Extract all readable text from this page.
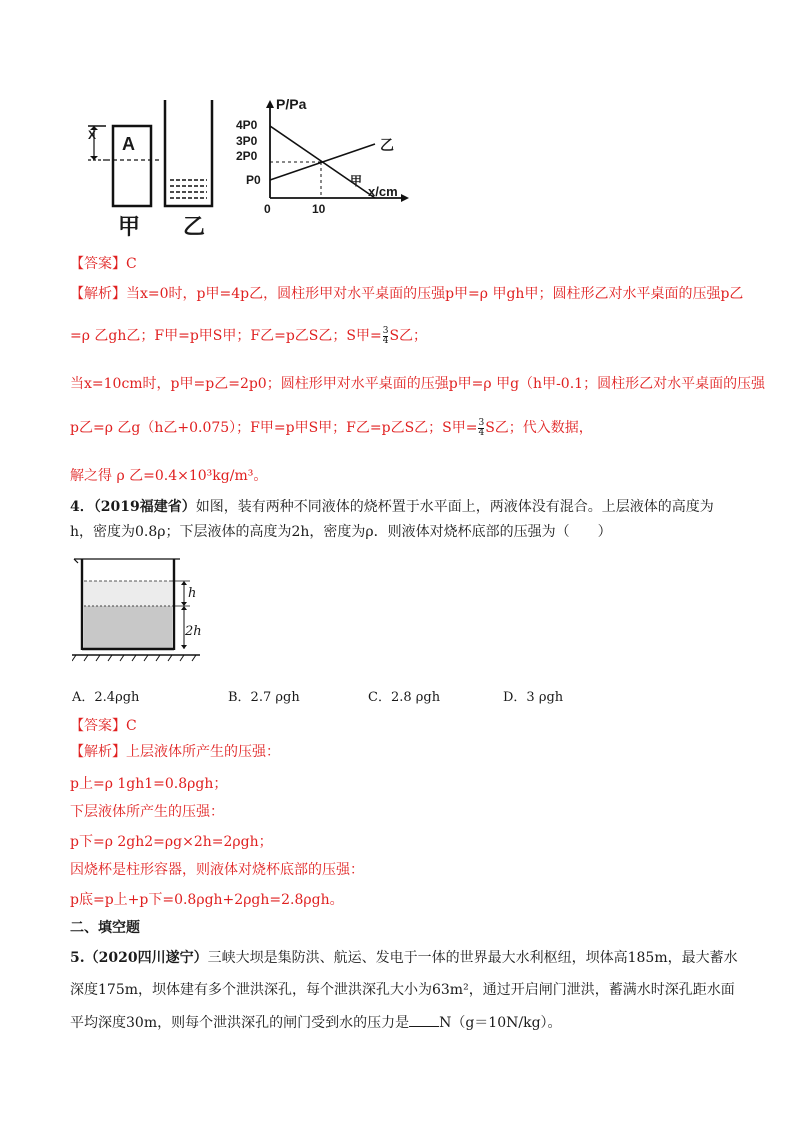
A
X
甲 乙
P/Pa
4P0
3P0
2P0
P0
0	10
乙
甲
x/cm
【答案】C
【解析】当x=0时，p甲=4p乙，圆柱形甲对水平桌面的压强p甲=ρ 甲gh甲；圆柱形乙对水平桌面的压强p乙
=ρ 乙gh乙；F甲=p甲S甲；F乙=p乙S乙；S甲= $\frac{3}{4}$ S乙；
当x=10cm时，p甲=p乙=2p0；圆柱形甲对水平桌面的压强p甲=ρ 甲g（h甲-0.1；圆柱形乙对水平桌面的压强
p乙=ρ 乙g（h乙+0.075）；F甲=p甲S甲；F乙=p乙S乙；S甲= $\frac{3}{4}$ S乙；代入数据，
解之得 ρ 乙=0.4×10³kg/m³。
4．（2019福建省）如图，装有两种不同液体的烧杯置于水平面上，两液体没有混合。上层液体的高度为
h，密度为0.8ρ；下层液体的高度为2h，密度为ρ．则液体对烧杯底部的压强为（　　）
h
2h
A．2.4ρgh	B．2.7 ρgh	C．2.8 ρgh	D．3 ρgh
【答案】C
【解析】上层液体所产生的压强：
p上=ρ 1gh1=0.8ρgh；
下层液体所产生的压强：
p下=ρ 2gh2=ρg×2h=2ρgh；
因烧杯是柱形容器，则液体对烧杯底部的压强：
p底=p上+p下=0.8ρgh+2ρgh=2.8ρgh。
二、填空题
5.（2020四川遂宁）三峡大坝是集防洪、航运、发电于一体的世界最大水利枢纽，坝体高185m，最大蓄水
深度175m，坝体建有多个泄洪深孔，每个泄洪深孔大小为63m²，通过开启闸门泄洪，蓄满水时深孔距水面
平均深度30m，则每个泄洪深孔的闸门受到水的压力是 N（g＝10N/kg）。
